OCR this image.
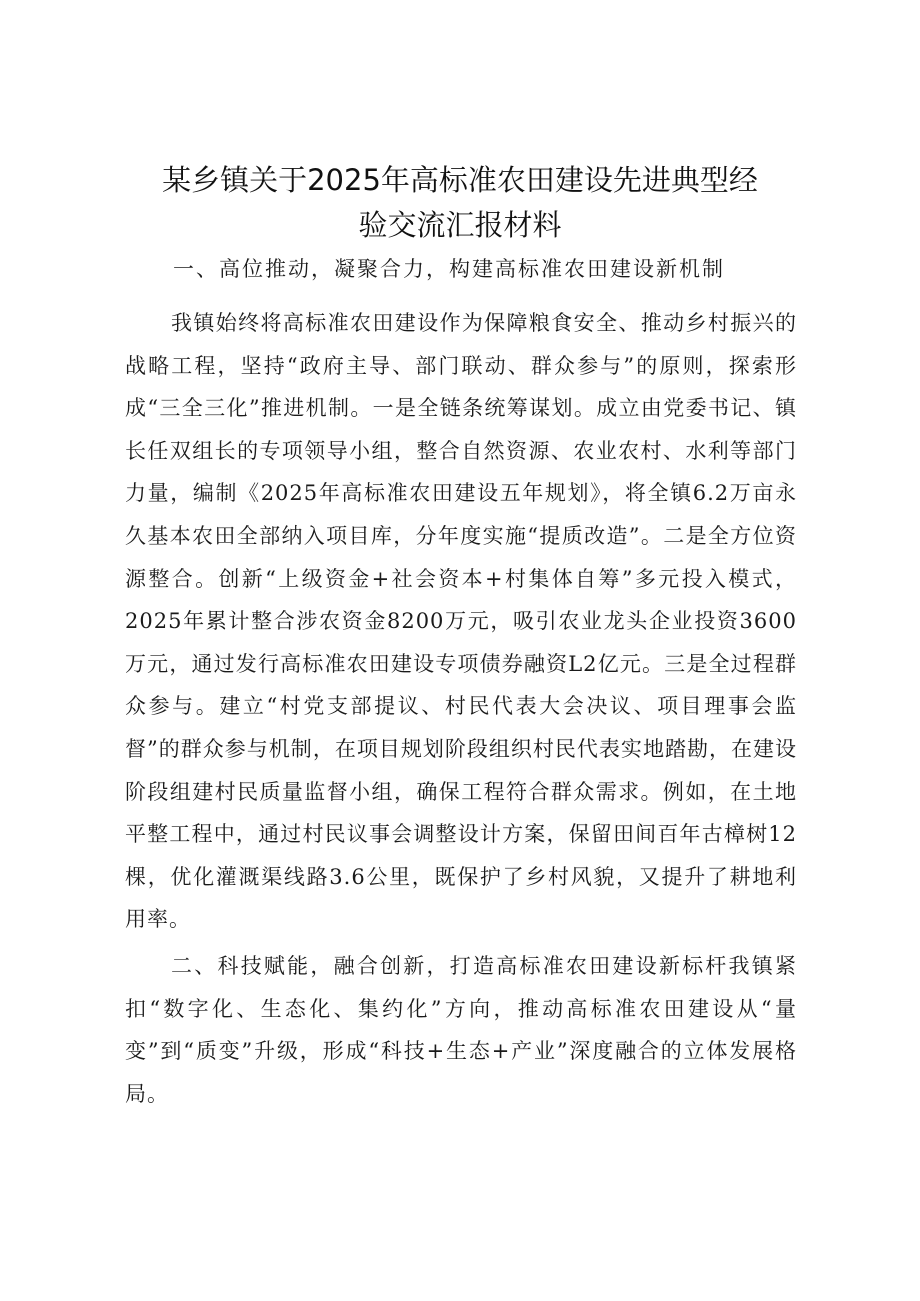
某乡镇关于2025年高标准农田建设先进典型经
验交流汇报材料
一、高位推动，凝聚合力，构建高标准农田建设新机制

我镇始终将高标准农田建设作为保障粮食安全、推动乡村振兴的战略工程，坚持“政府主导、部门联动、群众参与”的原则，探索形成“三全三化”推进机制。一是全链条统筹谋划。成立由党委书记、镇长任双组长的专项领导小组，整合自然资源、农业农村、水利等部门力量，编制《2025年高标准农田建设五年规划》，将全镇6.2万亩永久基本农田全部纳入项目库，分年度实施“提质改造”。二是全方位资源整合。创新“上级资金+社会资本+村集体自筹”多元投入模式，2025年累计整合涉农资金8200万元，吸引农业龙头企业投资3600万元，通过发行高标准农田建设专项债券融资L2亿元。三是全过程群众参与。建立“村党支部提议、村民代表大会决议、项目理事会监督”的群众参与机制，在项目规划阶段组织村民代表实地踏勘，在建设阶段组建村民质量监督小组，确保工程符合群众需求。例如，在土地平整工程中，通过村民议事会调整设计方案，保留田间百年古樟树12棵，优化灌溉渠线路3.6公里，既保护了乡村风貌，又提升了耕地利用率。

二、科技赋能，融合创新，打造高标准农田建设新标杆我镇紧扣“数字化、生态化、集约化”方向，推动高标准农田建设从“量变”到“质变”升级，形成“科技+生态+产业”深度融合的立体发展格局。
